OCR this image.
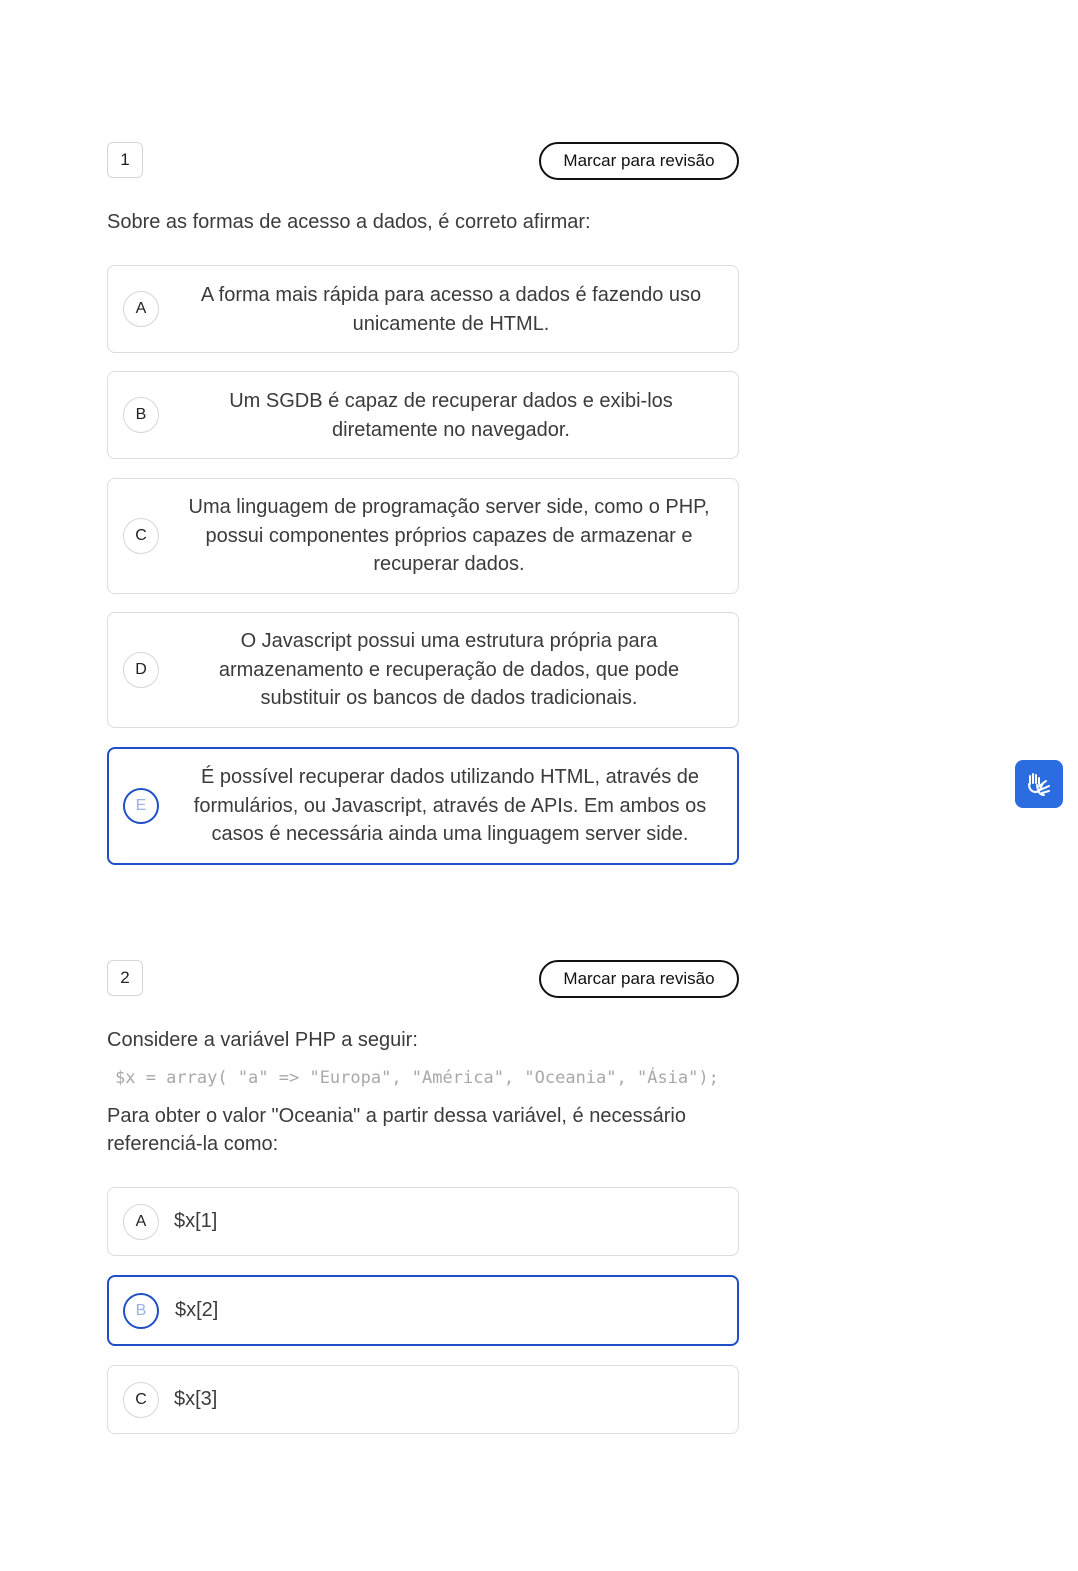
1	Marcar para revisão
Sobre as formas de acesso a dados, é correto afirmar:
A
A forma mais rápida para acesso a dados é fazendo uso unicamente de HTML.
B
Um SGDB é capaz de recuperar dados e exibi-los diretamente no navegador.
C
Uma linguagem de programação server side, como o PHP, possui componentes próprios capazes de armazenar e recuperar dados.
D
O Javascript possui uma estrutura própria para armazenamento e recuperação de dados, que pode substituir os bancos de dados tradicionais.
E
É possível recuperar dados utilizando HTML, através de formulários, ou Javascript, através de APIs. Em ambos os casos é necessária ainda uma linguagem server side.
2	Marcar para revisão
Considere a variável PHP a seguir:
$x = array( "a" => "Europa", "América", "Oceania", "Ásia");
Para obter o valor "Oceania" a partir dessa variável, é necessário referenciá-la como:
A	$x[1]
B	$x[2]
C	$x[3]
